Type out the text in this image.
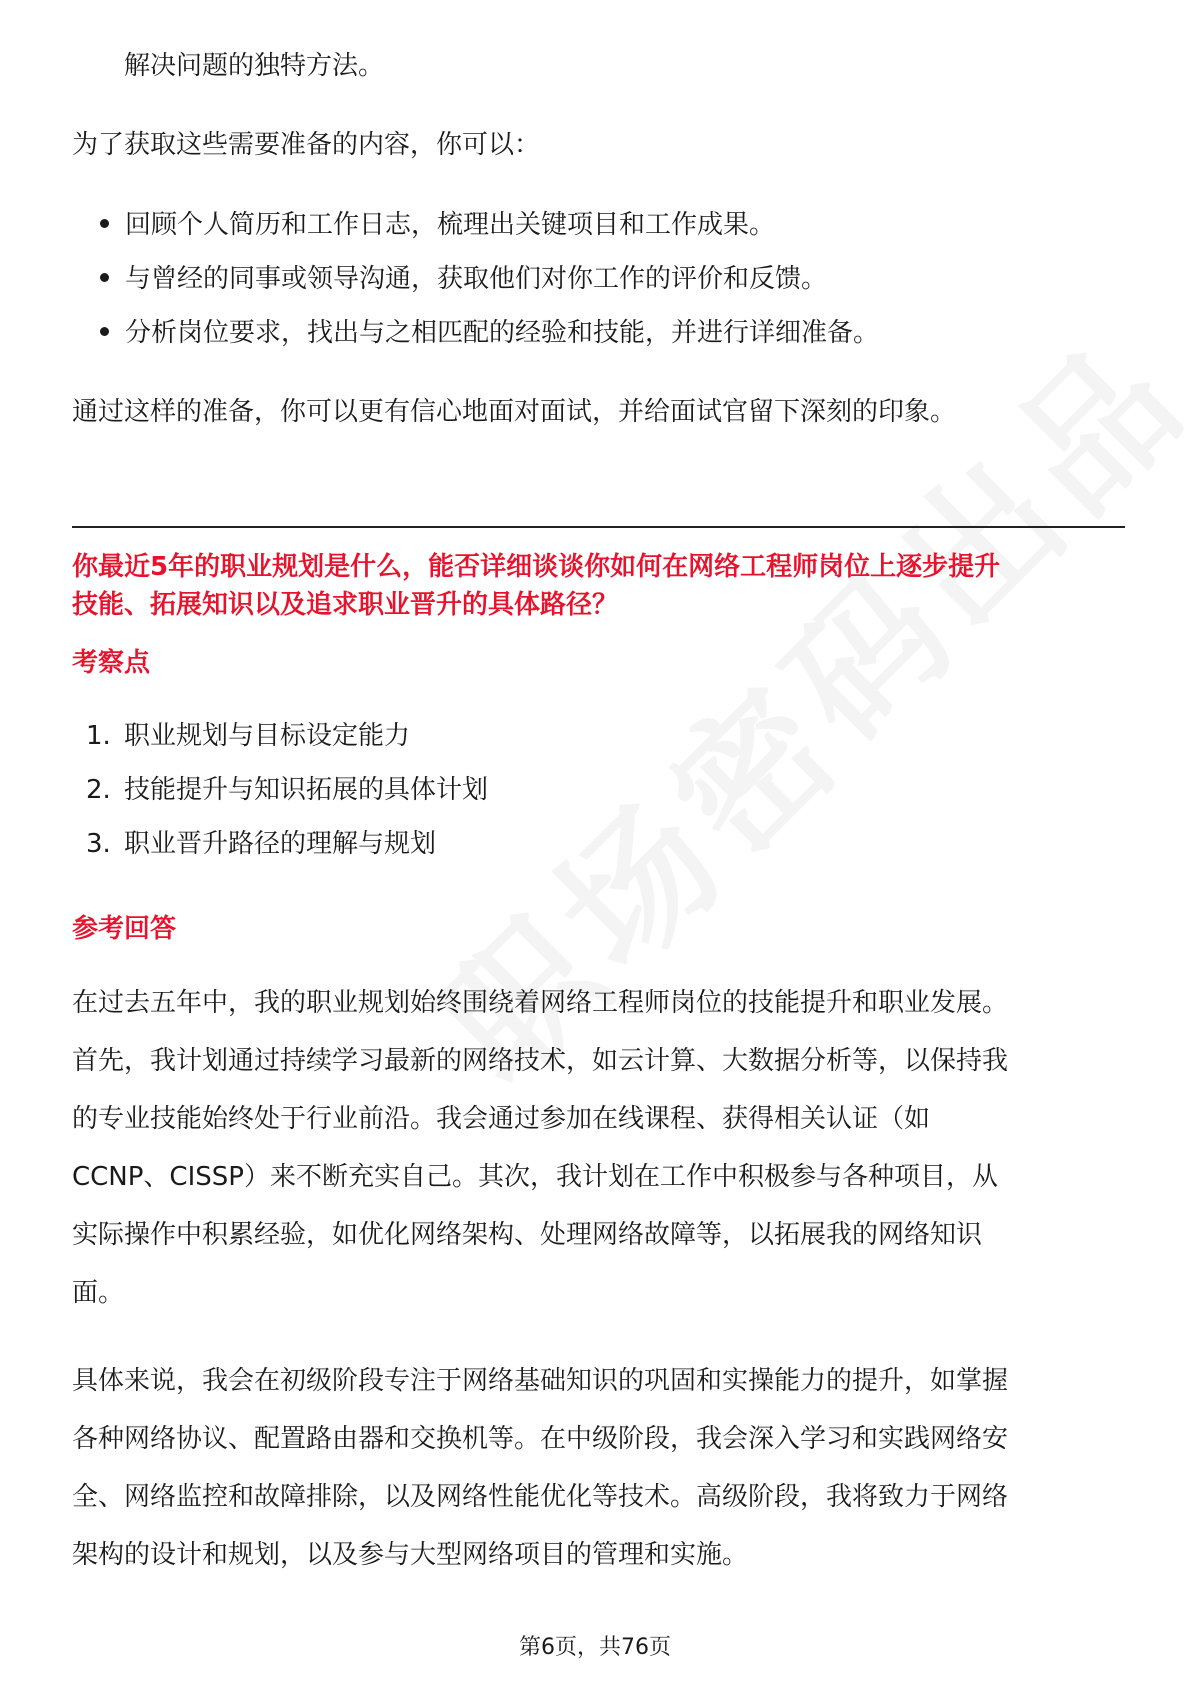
解决问题的独特方法。
为了获取这些需要准备的内容，你可以：
回顾个人简历和工作日志，梳理出关键项目和工作成果。
与曾经的同事或领导沟通，获取他们对你工作的评价和反馈。
分析岗位要求，找出与之相匹配的经验和技能，并进行详细准备。
通过这样的准备，你可以更有信心地面对面试，并给面试官留下深刻的印象。
你最近5年的职业规划是什么，能否详细谈谈你如何在网络工程师岗位上逐步提升
技能、拓展知识以及追求职业晋升的具体路径？
考察点
1. 职业规划与目标设定能力
2. 技能提升与知识拓展的具体计划
3. 职业晋升路径的理解与规划
参考回答
在过去五年中，我的职业规划始终围绕着网络工程师岗位的技能提升和职业发展。
首先，我计划通过持续学习最新的网络技术，如云计算、大数据分析等，以保持我
的专业技能始终处于行业前沿。我会通过参加在线课程、获得相关认证（如
CCNP、CISSP）来不断充实自己。其次，我计划在工作中积极参与各种项目，从
实际操作中积累经验，如优化网络架构、处理网络故障等，以拓展我的网络知识
面。
具体来说，我会在初级阶段专注于网络基础知识的巩固和实操能力的提升，如掌握
各种网络协议、配置路由器和交换机等。在中级阶段，我会深入学习和实践网络安
全、网络监控和故障排除，以及网络性能优化等技术。高级阶段，我将致力于网络
架构的设计和规划，以及参与大型网络项目的管理和实施。
第6页，共76页
